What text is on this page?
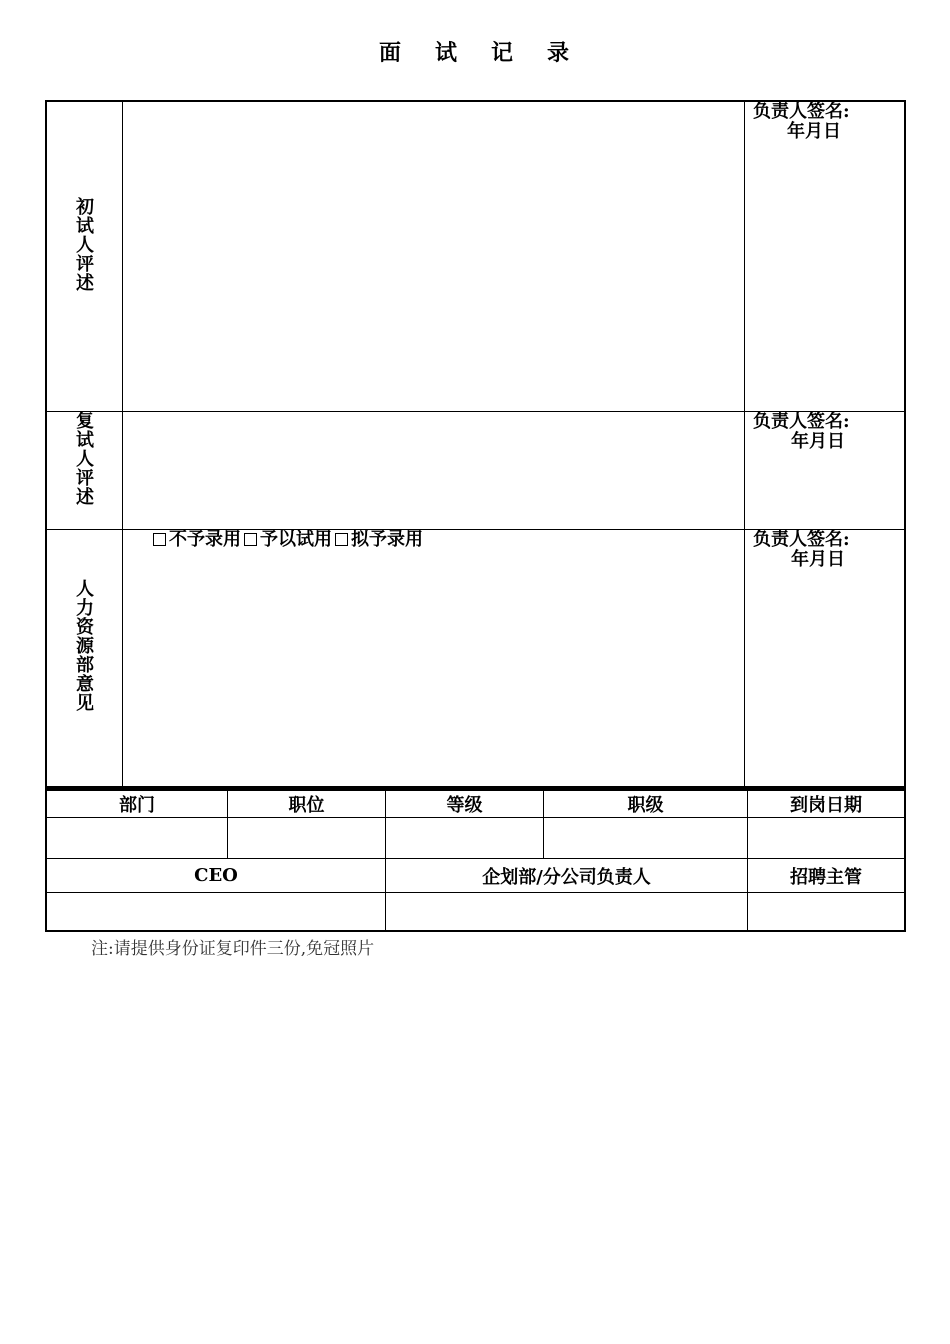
面 试 记 录
初
试
人
评
述
负责人签名:
年月日
复
试
人
评
述
负责人签名:
年月日
人
力
资
源
部
意
见
不予录用 予以试用 拟予录用	负责人签名:
年月日
部门	职位	等级	职级	到岗日期
CEO	企划部/分公司负责人	招聘主管
注:请提供身份证复印件三份,免冠照片
